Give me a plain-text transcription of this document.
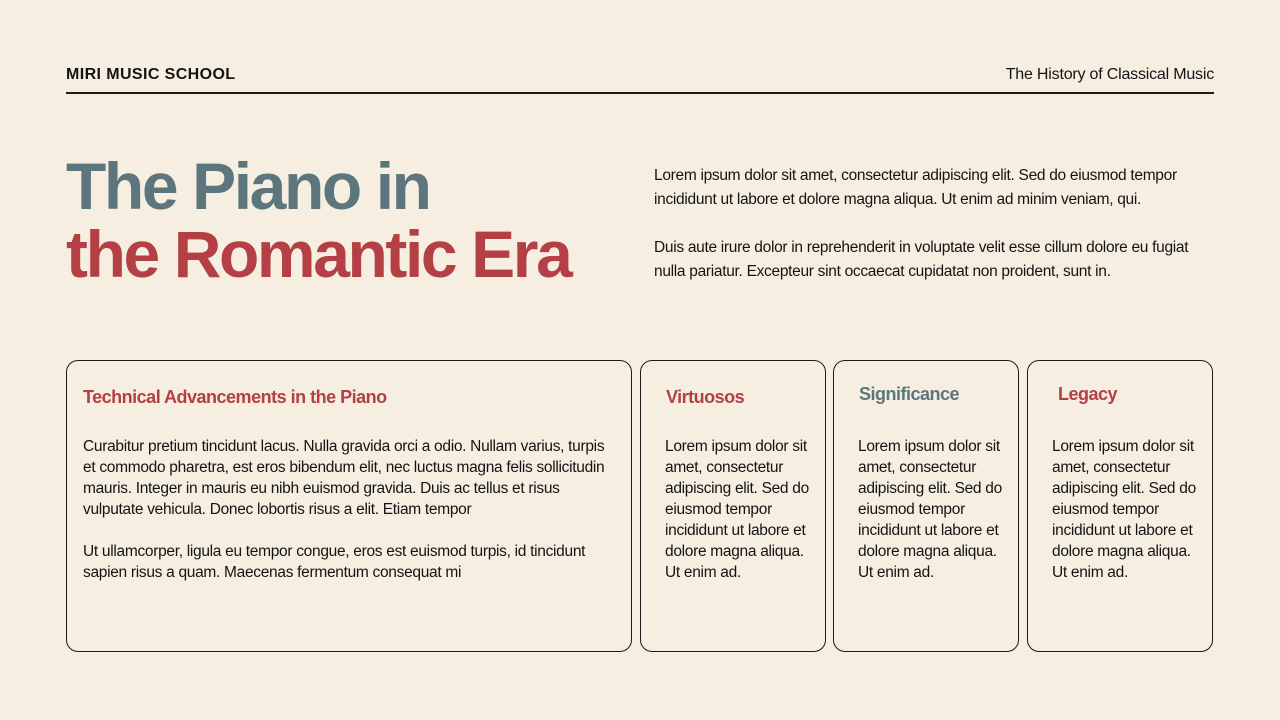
MIRI MUSIC SCHOOL	The History of Classical Music
The Piano in
the Romantic Era

Lorem ipsum dolor sit amet, consectetur adipiscing elit. Sed do eiusmod tempor incididunt ut labore et dolore magna aliqua. Ut enim ad minim veniam, qui.

Duis aute irure dolor in reprehenderit in voluptate velit esse cillum dolore eu fugiat nulla pariatur. Excepteur sint occaecat cupidatat non proident, sunt in.

Technical Advancements in the Piano

Curabitur pretium tincidunt lacus. Nulla gravida orci a odio. Nullam varius, turpis et commodo pharetra, est eros bibendum elit, nec luctus magna felis sollicitudin mauris. Integer in mauris eu nibh euismod gravida. Duis ac tellus et risus vulputate vehicula. Donec lobortis risus a elit. Etiam tempor

Ut ullamcorper, ligula eu tempor congue, eros est euismod turpis, id tincidunt sapien risus a quam. Maecenas fermentum consequat mi

Virtuosos
Lorem ipsum dolor sit amet, consectetur adipiscing elit. Sed do eiusmod tempor incididunt ut labore et dolore magna aliqua. Ut enim ad.
Significance
Lorem ipsum dolor sit amet, consectetur adipiscing elit. Sed do eiusmod tempor incididunt ut labore et dolore magna aliqua. Ut enim ad.
Legacy
Lorem ipsum dolor sit amet, consectetur adipiscing elit. Sed do eiusmod tempor incididunt ut labore et dolore magna aliqua. Ut enim ad.
